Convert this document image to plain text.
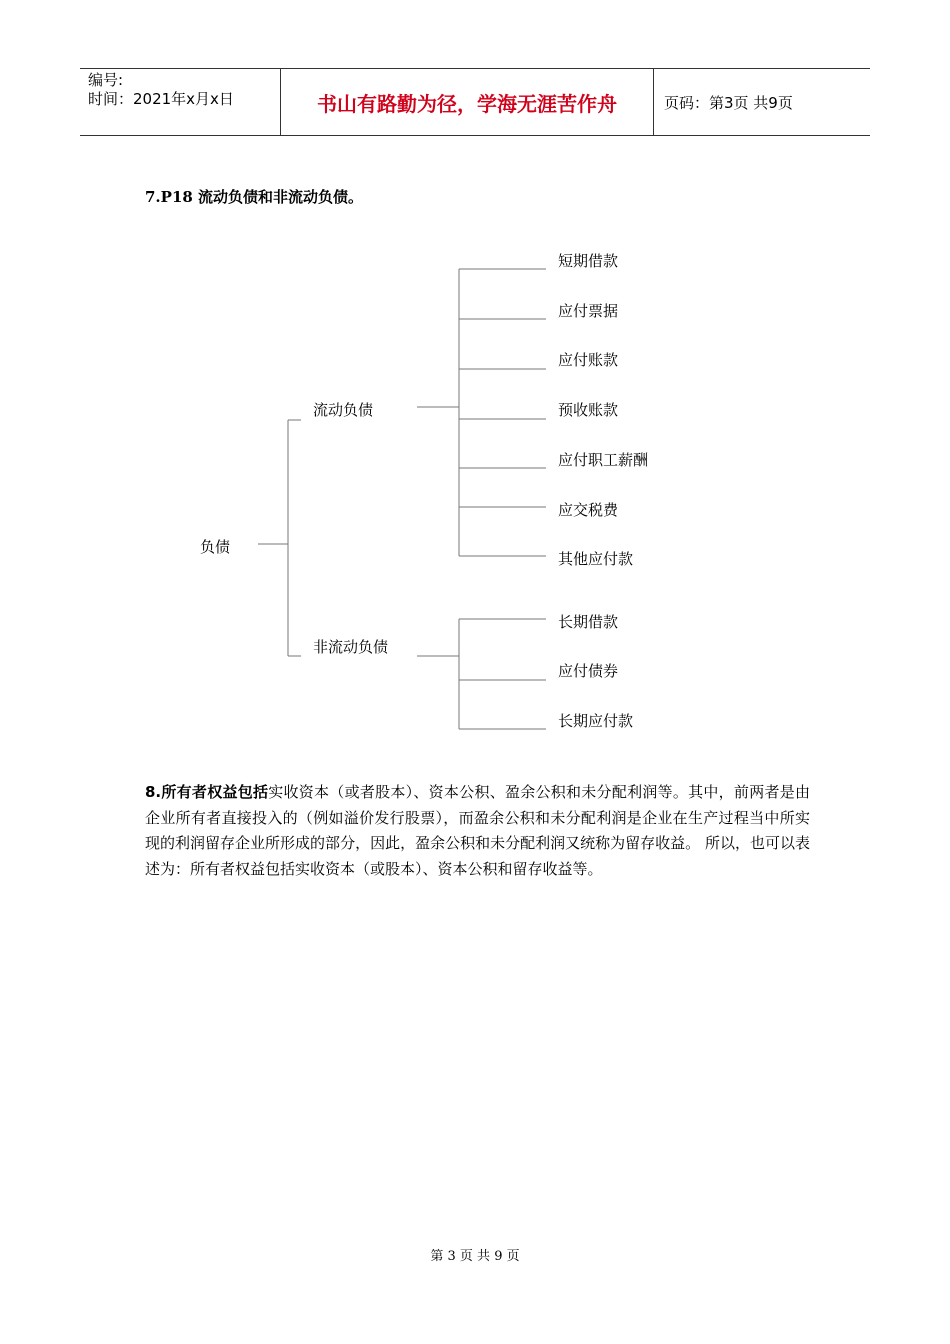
编号:
时间：2021年x月x日	书山有路勤为径，学海无涯苦作舟	页码：第3页 共9页
7.P18 流动负债和非流动负债。
负债
流动负债
非流动负债
短期借款
应付票据
应付账款
预收账款
应付职工薪酬
应交税费
其他应付款
长期借款
应付债券
长期应付款
8.所有者权益包括实收资本（或者股本）、资本公积、盈余公积和未分配利润等。其中，前两者是由企业所有者直接投入的（例如溢价发行股票），而盈余公积和未分配利润是企业在生产过程当中所实现的利润留存企业所形成的部分，因此，盈余公积和未分配利润又统称为留存收益。 所以，也可以表述为：所有者权益包括实收资本（或股本）、资本公积和留存收益等。
第 3 页 共 9 页
